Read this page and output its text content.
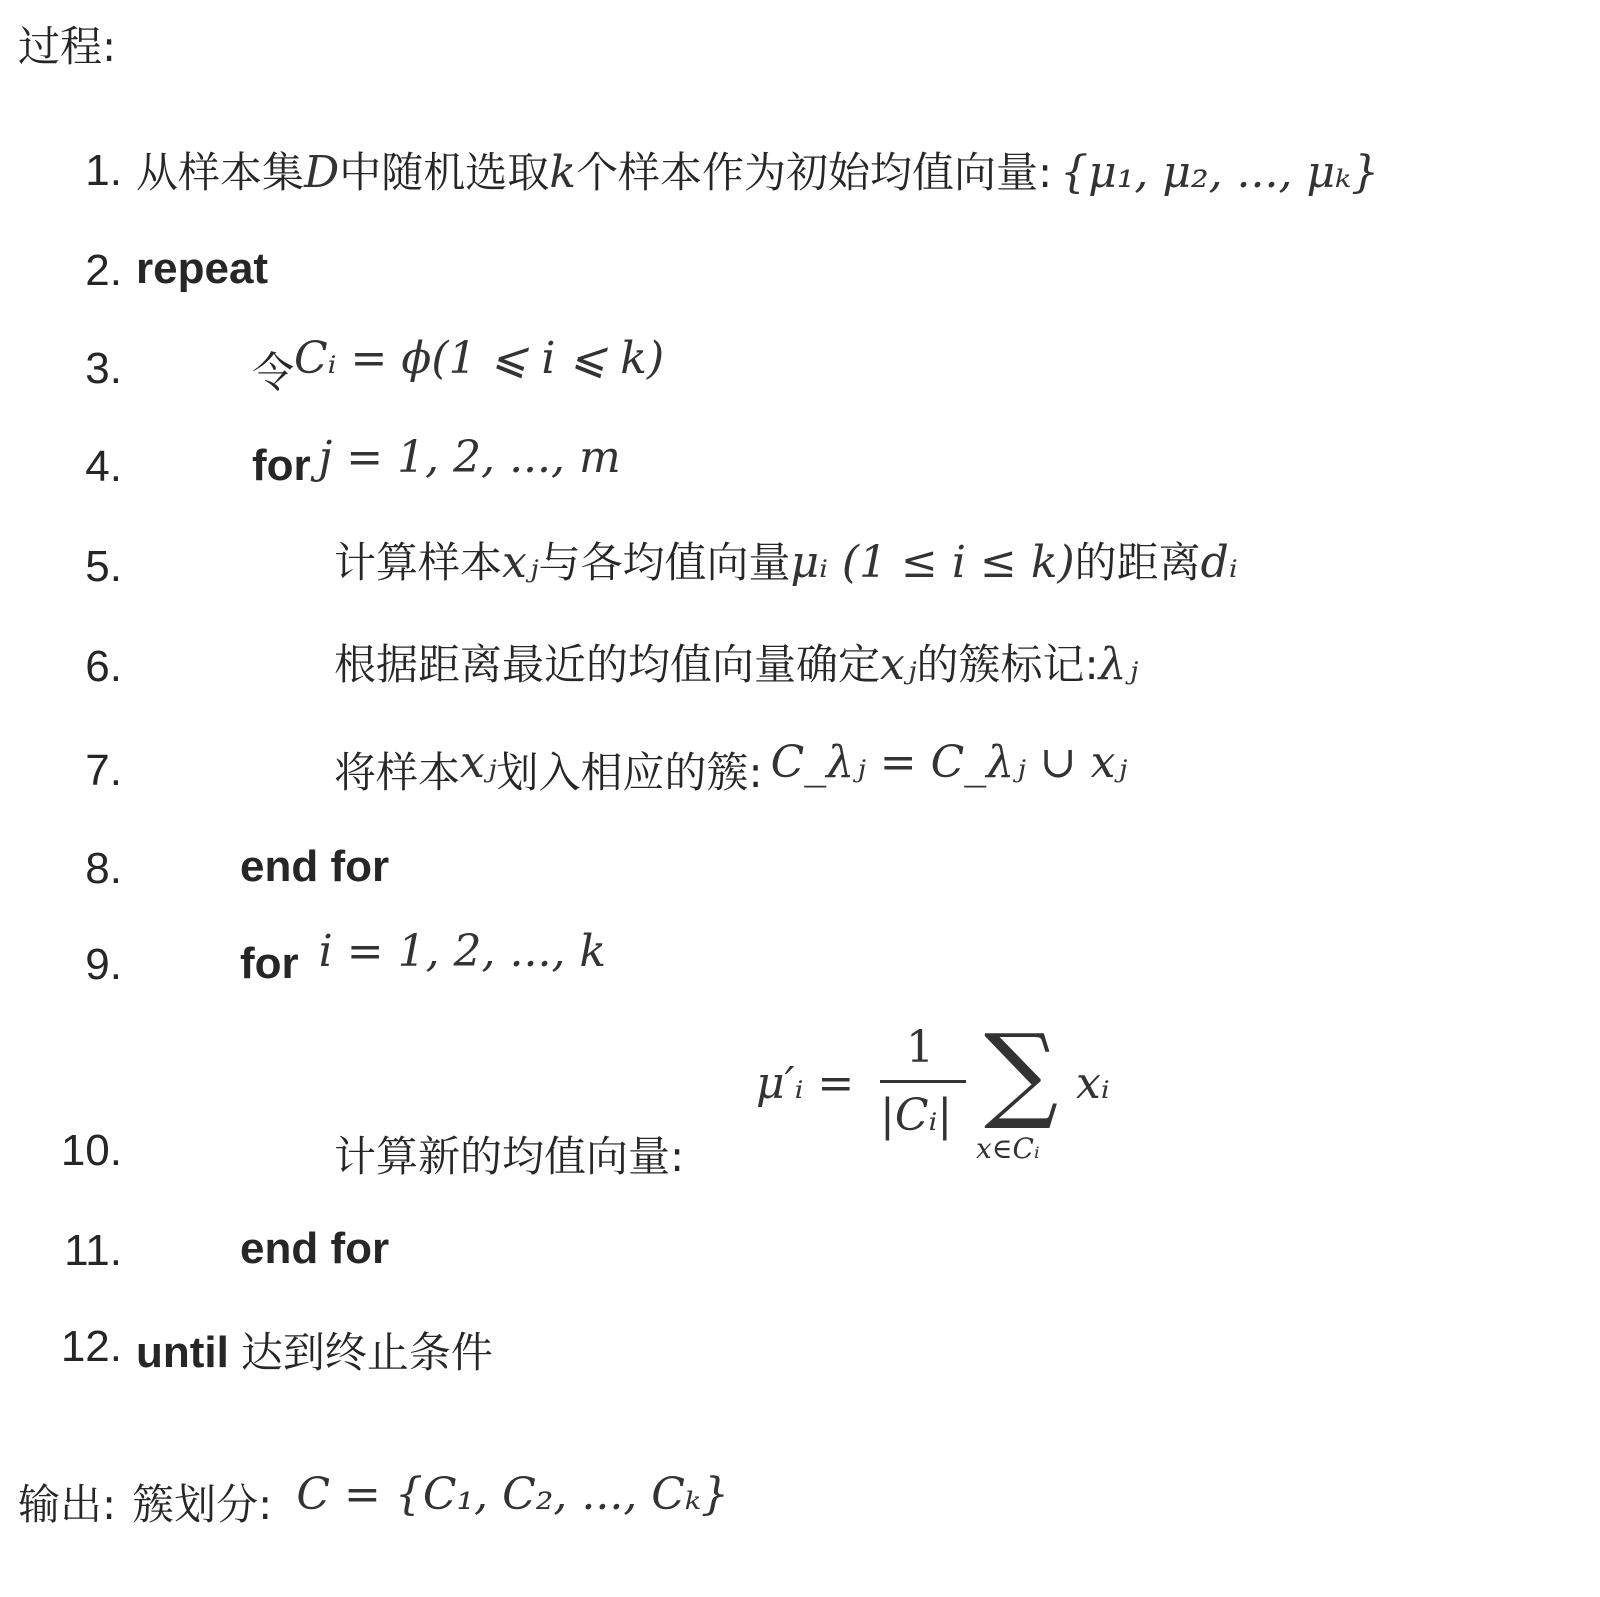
过程:
1. 从样本集 D 中随机选取 k 个样本作为初始均值向量: {μ₁, μ₂, ..., μₖ}
2. repeat
3.	令 Cᵢ = ϕ(1 ⩽ i ⩽ k)
4.	for j = 1, 2, ..., m
5.	计算样本 xⱼ 与各均值向量 μᵢ (1 ≤ i ≤ k) 的距离 dᵢ
6.	根据距离最近的均值向量确定 xⱼ 的簇标记: λⱼ
7.	将样本 xⱼ 划入相应的簇: C_λⱼ = C_λⱼ ∪ xⱼ
8.	end for
9.	for i = 1, 2, ..., k
10.	计算新的均值向量:
μ′ᵢ =
1
|Cᵢ| ∑
x∈Cᵢ
xᵢ
11.	end for
12. until 达到终止条件
输出: 簇划分: C = {C₁, C₂, ..., Cₖ}
